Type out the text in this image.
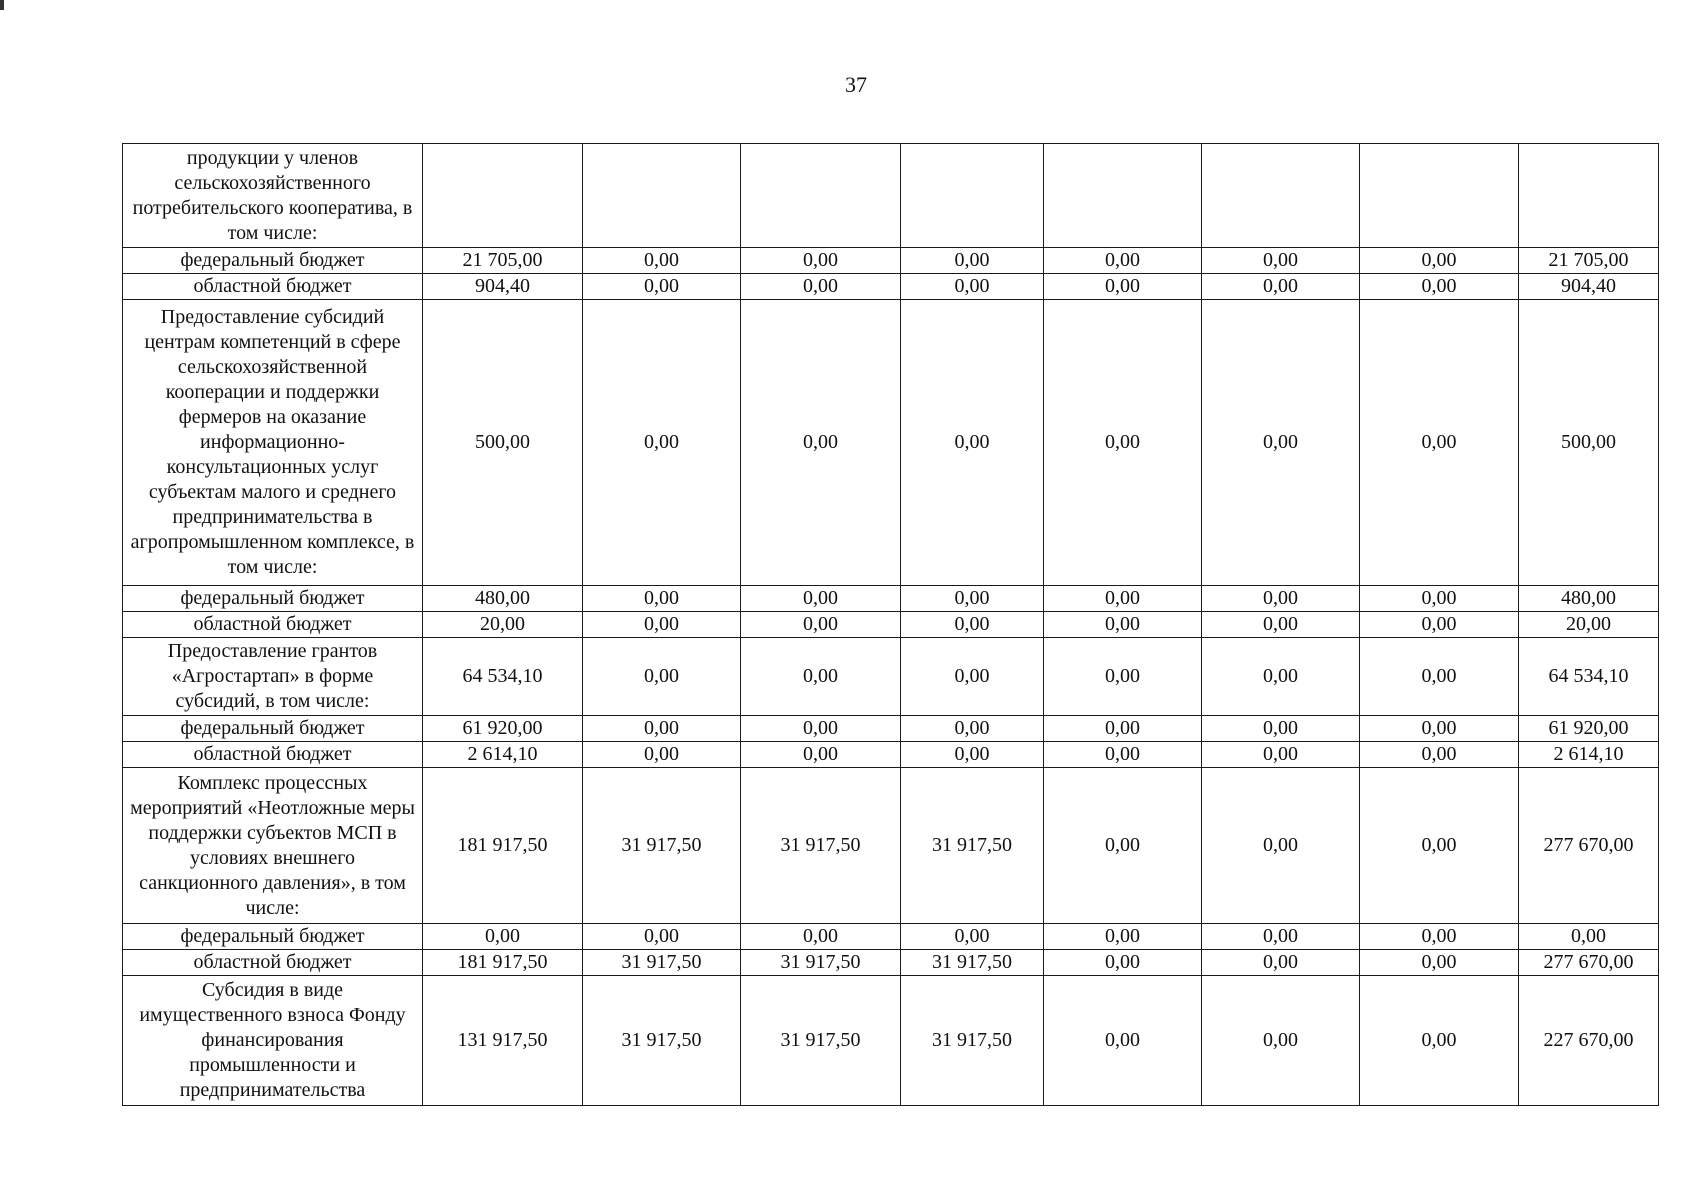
37
продукции у членов сельскохозяйственного потребительского кооператива, в том числе:								
федеральный бюджет	21 705,00	0,00	0,00	0,00	0,00	0,00	0,00	21 705,00
областной бюджет	904,40	0,00	0,00	0,00	0,00	0,00	0,00	904,40
Предоставление субсидий центрам компетенций в сфере сельскохозяйственной кооперации и поддержки фермеров на оказание информационно-консультационных услуг субъектам малого и среднего предпринимательства в агропромышленном комплексе, в том числе:	500,00	0,00	0,00	0,00	0,00	0,00	0,00	500,00
федеральный бюджет	480,00	0,00	0,00	0,00	0,00	0,00	0,00	480,00
областной бюджет	20,00	0,00	0,00	0,00	0,00	0,00	0,00	20,00
Предоставление грантов «Агростартап» в форме субсидий, в том числе:	64 534,10	0,00	0,00	0,00	0,00	0,00	0,00	64 534,10
федеральный бюджет	61 920,00	0,00	0,00	0,00	0,00	0,00	0,00	61 920,00
областной бюджет	2 614,10	0,00	0,00	0,00	0,00	0,00	0,00	2 614,10
Комплекс процессных мероприятий «Неотложные меры поддержки субъектов МСП в условиях внешнего санкционного давления», в том числе:	181 917,50	31 917,50	31 917,50	31 917,50	0,00	0,00	0,00	277 670,00
федеральный бюджет	0,00	0,00	0,00	0,00	0,00	0,00	0,00	0,00
областной бюджет	181 917,50	31 917,50	31 917,50	31 917,50	0,00	0,00	0,00	277 670,00
Субсидия в виде имущественного взноса Фонду финансирования промышленности и предпринимательства	131 917,50	31 917,50	31 917,50	31 917,50	0,00	0,00	0,00	227 670,00
